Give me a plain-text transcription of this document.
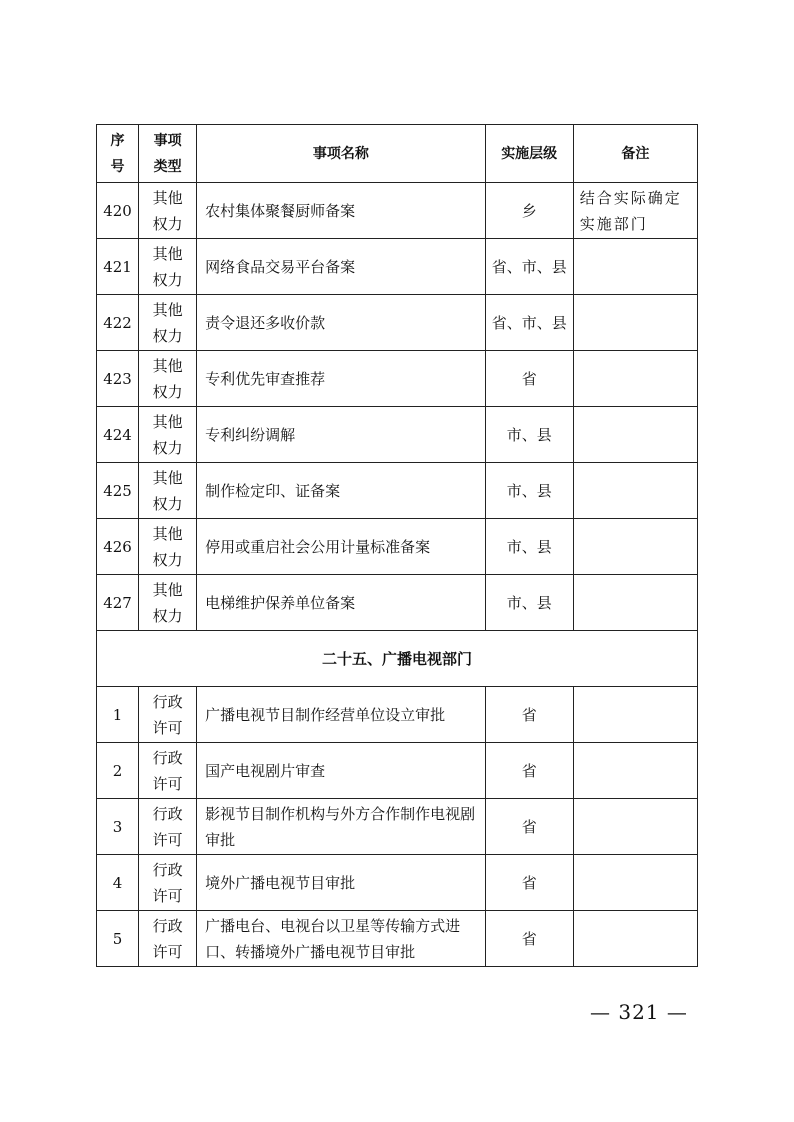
序号	事项类型	事项名称	实施层级	备注
420	其他权力	农村集体聚餐厨师备案	乡	结合实际确定实施部门

421	其他权力	网络食品交易平台备案	省、市、县	

422	其他权力	责令退还多收价款	省、市、县	

423	其他权力	专利优先审查推荐	省	

424	其他权力	专利纠纷调解	市、县	

425	其他权力	制作检定印、证备案	市、县	

426	其他权力	停用或重启社会公用计量标准备案	市、县	

427	其他权力	电梯维护保养单位备案	市、县	

二十五、广播电视部门				
1	行政许可	广播电视节目制作经营单位设立审批	省	

2	行政许可	国产电视剧片审查	省	

3	行政许可	影视节目制作机构与外方合作制作电视剧审批	省	

4	行政许可	境外广播电视节目审批	省	

5	行政许可	广播电台、电视台以卫星等传输方式进口、转播境外广播电视节目审批	省	
— 321 —
